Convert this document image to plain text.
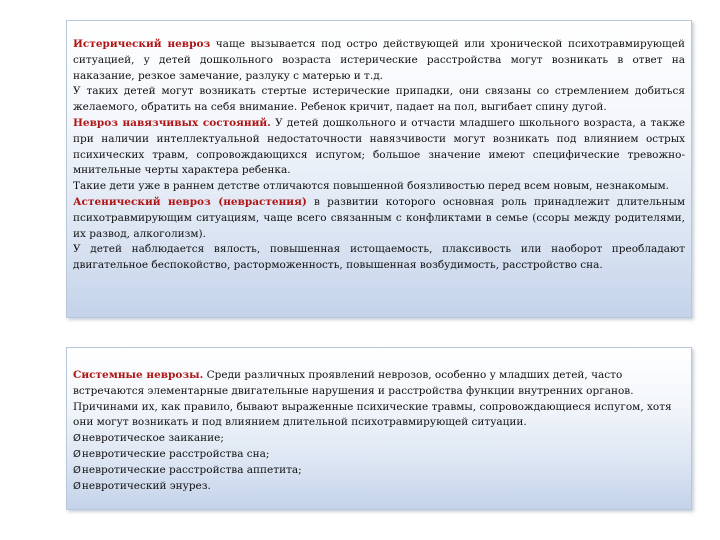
Истерический невроз чаще вызывается под остро действующей или хронической психотравмирующей ситуацией, у детей дошкольного возраста истерические расстройства могут возникать в ответ на наказание, резкое замечание, разлуку с матерью и т.д.

У таких детей могут возникать стертые истерические припадки, они связаны со стремлением добиться желаемого, обратить на себя внимание. Ребенок кричит, падает на пол, выгибает спину дугой.

Невроз навязчивых состояний. У детей дошкольного и отчасти младшего школьного возраста, а также при наличии интеллектуальной недостаточности навязчивости могут возникать под влиянием острых психических травм, сопровождающихся испугом; большое значение имеют специфические тревожно-мнительные черты характера ребенка.

Такие дети уже в раннем детстве отличаются повышенной боязливостью перед всем новым, незнакомым.

Астенический невроз (неврастения) в развитии которого основная роль принадлежит длительным психотравмирующим ситуациям, чаще всего связанным с конфликтами в семье (ссоры между родителями, их развод, алкоголизм).

У детей наблюдается вялость, повышенная истощаемость, плаксивость или наоборот преобладают двигательное беспокойство, расторможенность, повышенная возбудимость, расстройство сна.

Системные неврозы. Среди различных проявлений неврозов, особенно у младших детей, часто встречаются элементарные двигательные нарушения и расстройства функции внутренних органов. Причинами их, как правило, бывают выраженные психические травмы, сопровождающиеся испугом, хотя они могут возникать и под влиянием длительной психотравмирующей ситуации.

Øневротическое заикание;
Øневротические расстройства сна;
Øневротические расстройства аппетита;
Øневротический энурез.
